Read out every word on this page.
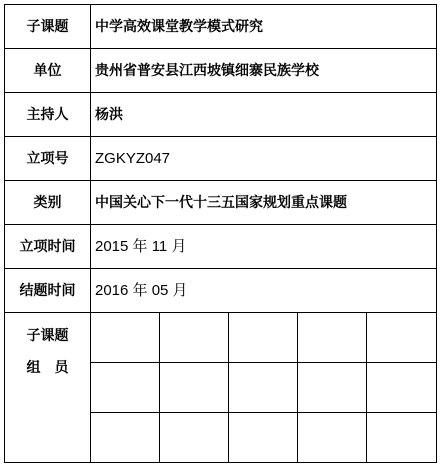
子课题	中学高效课堂教学模式研究				
单位	贵州省普安县江西坡镇细寨民族学校				
主持人	杨洪				
立项号	ZGKYZ047				
类别	中国关心下一代十三五国家规划重点课题				
立项时间	2015 年 11 月				
结题时间	2016 年 05 月				

子课题
组　员					
